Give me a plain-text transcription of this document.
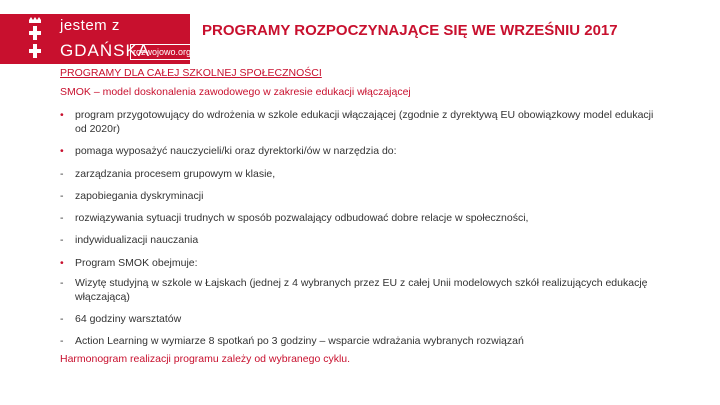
jestem z
GDAŃSKA
rozwojowo.org
PROGRAMY ROZPOCZYNAJĄCE SIĘ WE WRZEŚNIU 2017

PROGRAMY DLA CAŁEJ SZKOLNEJ SPOŁECZNOŚCI

SMOK – model doskonalenia zawodowego w zakresie edukacji włączającej

•	program przygotowujący do wdrożenia w szkole edukacji włączającej (zgodnie z dyrektywą EU obowiązkowy model edukacji od 2020r)

•	pomaga wyposażyć nauczycieli/ki oraz dyrektorki/ów w narzędzia do:

-	zarządzania procesem grupowym w klasie,

-	zapobiegania dyskryminacji

-	rozwiązywania sytuacji trudnych w sposób pozwalający odbudować dobre relacje w społeczności,

-	indywidualizacji nauczania

•	Program SMOK obejmuje:

-	Wizytę studyjną w szkole w Łajskach (jednej z 4 wybranych przez EU z całej Unii modelowych szkół realizujących edukację włączającą)

-	64 godziny warsztatów

-	Action Learning w wymiarze 8 spotkań po 3 godziny – wsparcie wdrażania wybranych rozwiązań

Harmonogram realizacji programu zależy od wybranego cyklu.
